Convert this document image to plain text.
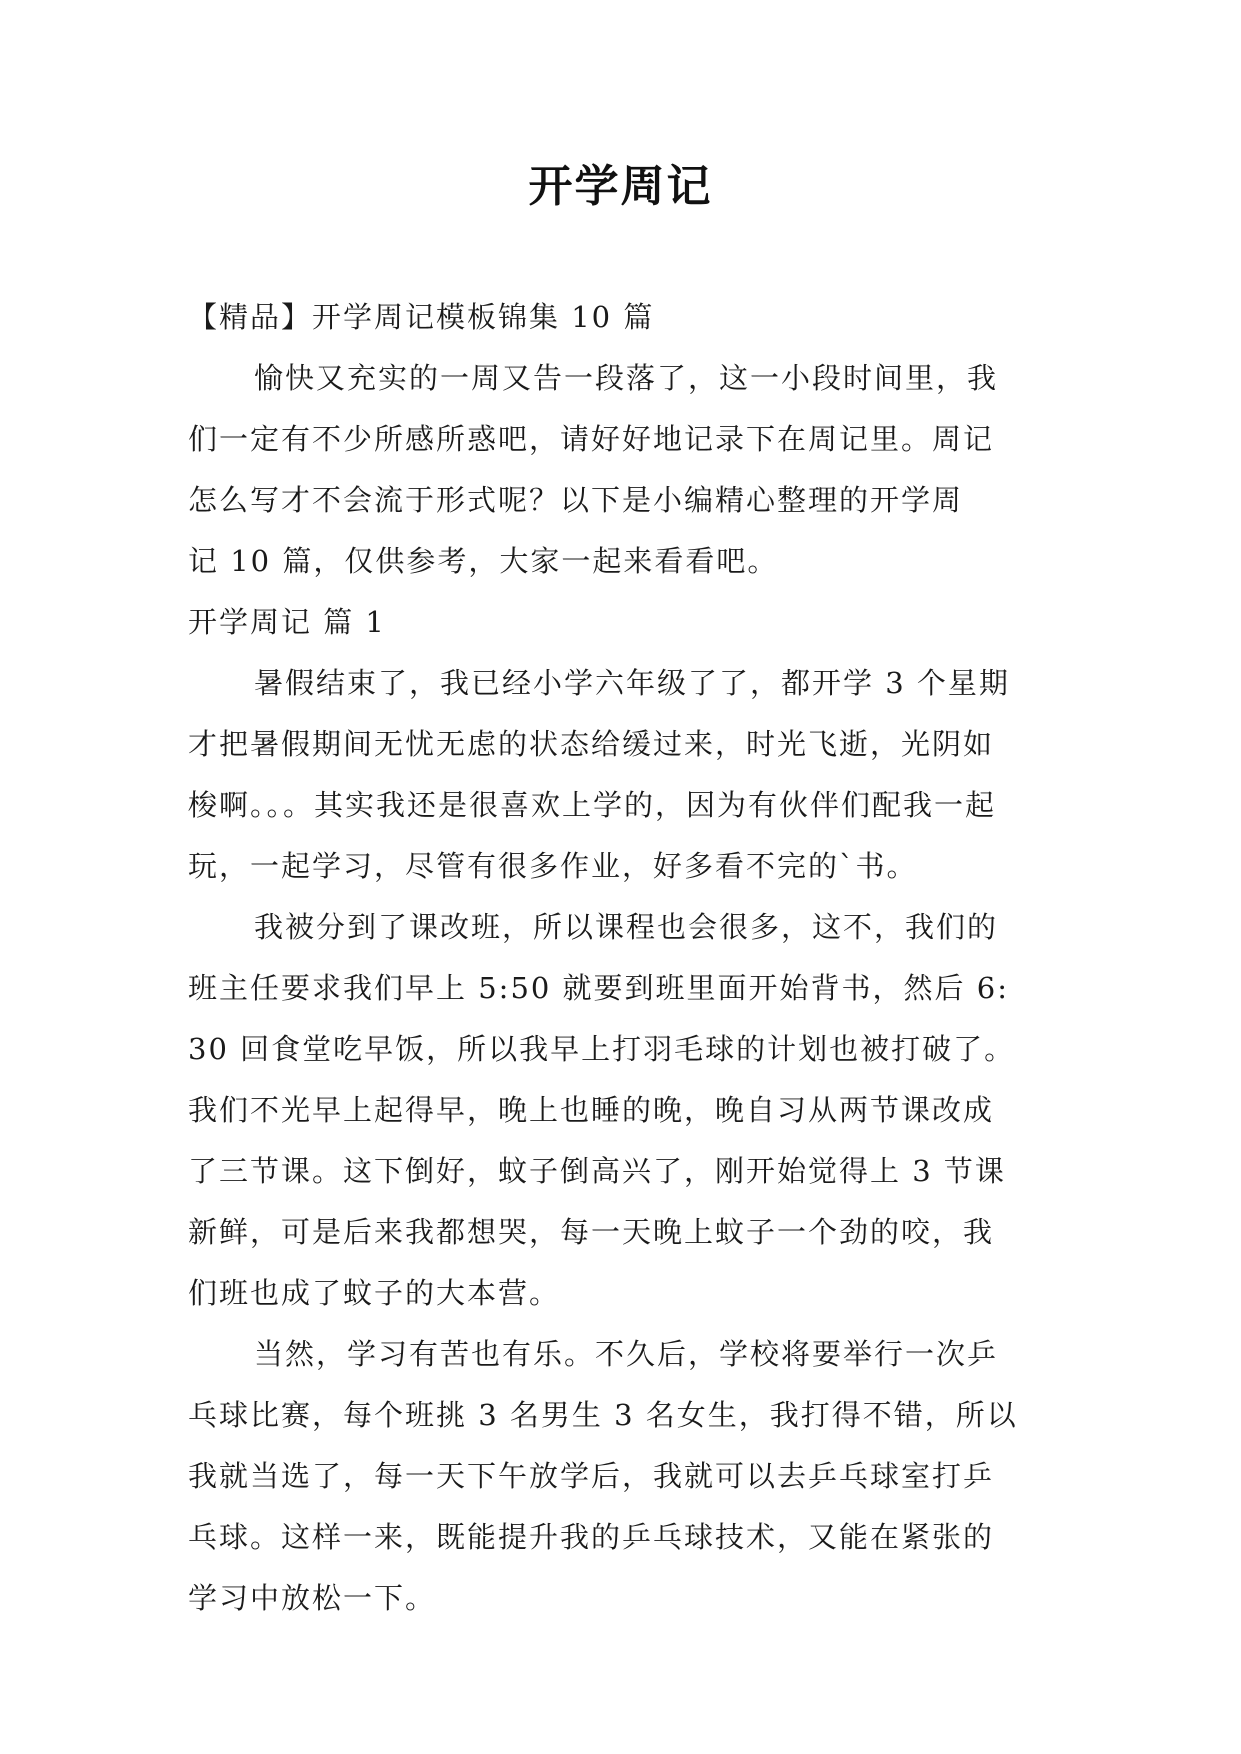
开学周记
【精品】开学周记模板锦集 10 篇
愉快又充实的一周又告一段落了，这一小段时间里，我
们一定有不少所感所惑吧，请好好地记录下在周记里。周记
怎么写才不会流于形式呢？以下是小编精心整理的开学周
记 10 篇，仅供参考，大家一起来看看吧。
开学周记 篇 1
暑假结束了，我已经小学六年级了了，都开学 3 个星期
才把暑假期间无忧无虑的状态给缓过来，时光飞逝，光阴如
梭啊。。。其实我还是很喜欢上学的，因为有伙伴们配我一起
玩，一起学习，尽管有很多作业，好多看不完的`书。
我被分到了课改班，所以课程也会很多，这不，我们的
班主任要求我们早上 5:50 就要到班里面开始背书，然后 6:
30 回食堂吃早饭，所以我早上打羽毛球的计划也被打破了。
我们不光早上起得早，晚上也睡的晚，晚自习从两节课改成
了三节课。这下倒好，蚊子倒高兴了，刚开始觉得上 3 节课
新鲜，可是后来我都想哭，每一天晚上蚊子一个劲的咬，我
们班也成了蚊子的大本营。
当然，学习有苦也有乐。不久后，学校将要举行一次乒
乓球比赛，每个班挑 3 名男生 3 名女生，我打得不错，所以
我就当选了，每一天下午放学后，我就可以去乒乓球室打乒
乓球。这样一来，既能提升我的乒乓球技术，又能在紧张的
学习中放松一下。
